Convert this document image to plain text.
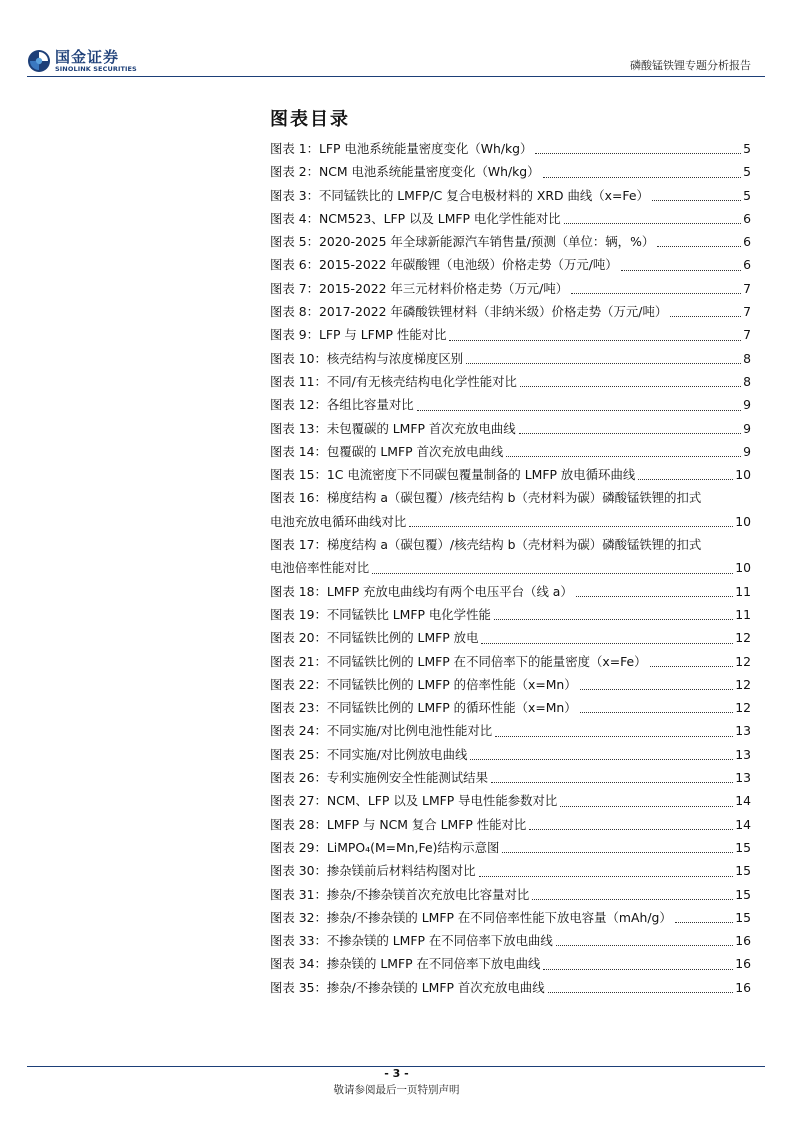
国金证券
SINOLINK SECURITIES	磷酸锰铁锂专题分析报告
图表目录
图表 1：LFP 电池系统能量密度变化（Wh/kg）	5
图表 2：NCM 电池系统能量密度变化（Wh/kg）	5
图表 3：不同锰铁比的 LMFP/C 复合电极材料的 XRD 曲线（x=Fe）	5
图表 4：NCM523、LFP 以及 LMFP 电化学性能对比	6
图表 5：2020-2025 年全球新能源汽车销售量/预测（单位：辆，%）	6
图表 6：2015-2022 年碳酸锂（电池级）价格走势（万元/吨）	6
图表 7：2015-2022 年三元材料价格走势（万元/吨）	7
图表 8：2017-2022 年磷酸铁锂材料（非纳米级）价格走势（万元/吨）	7
图表 9：LFP 与 LFMP 性能对比	7
图表 10：核壳结构与浓度梯度区别	8
图表 11：不同/有无核壳结构电化学性能对比	8
图表 12：各组比容量对比	9
图表 13：未包覆碳的 LMFP 首次充放电曲线	9
图表 14：包覆碳的 LMFP 首次充放电曲线	9
图表 15：1C 电流密度下不同碳包覆量制备的 LMFP 放电循环曲线	10
图表 16：梯度结构 a（碳包覆）/核壳结构 b（壳材料为碳）磷酸锰铁锂的扣式
电池充放电循环曲线对比	10
图表 17：梯度结构 a（碳包覆）/核壳结构 b（壳材料为碳）磷酸锰铁锂的扣式
电池倍率性能对比	10
图表 18：LMFP 充放电曲线均有两个电压平台（线 a）	11
图表 19：不同锰铁比 LMFP 电化学性能	11
图表 20：不同锰铁比例的 LMFP 放电	12
图表 21：不同锰铁比例的 LMFP 在不同倍率下的能量密度（x=Fe）	12
图表 22：不同锰铁比例的 LMFP 的倍率性能（x=Mn）	12
图表 23：不同锰铁比例的 LMFP 的循环性能（x=Mn）	12
图表 24：不同实施/对比例电池性能对比	13
图表 25：不同实施/对比例放电曲线	13
图表 26：专利实施例安全性能测试结果	13
图表 27：NCM、LFP 以及 LMFP 导电性能参数对比	14
图表 28：LMFP 与 NCM 复合 LMFP 性能对比	14
图表 29：LiMPO₄(M=Mn,Fe)结构示意图	15
图表 30：掺杂镁前后材料结构图对比	15
图表 31：掺杂/不掺杂镁首次充放电比容量对比	15
图表 32：掺杂/不掺杂镁的 LMFP 在不同倍率性能下放电容量（mAh/g）	15
图表 33：不掺杂镁的 LMFP 在不同倍率下放电曲线	16
图表 34：掺杂镁的 LMFP 在不同倍率下放电曲线	16
图表 35：掺杂/不掺杂镁的 LMFP 首次充放电曲线	16
- 3 -
敬请参阅最后一页特别声明
